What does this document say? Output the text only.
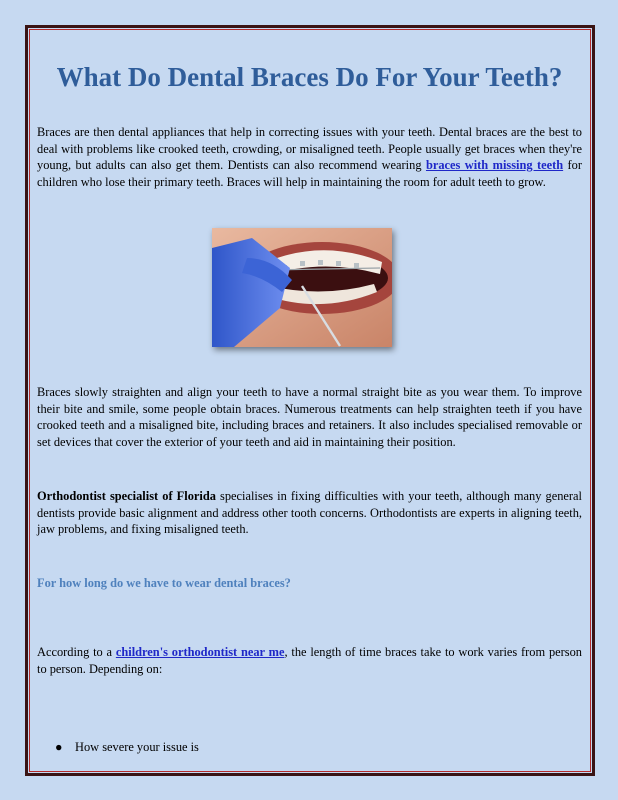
What Do Dental Braces Do For Your Teeth?

Braces are then dental appliances that help in correcting issues with your teeth. Dental braces are the best to deal with problems like crooked teeth, crowding, or misaligned teeth. People usually get braces when they're young, but adults can also get them. Dentists can also recommend wearing braces with missing teeth for children who lose their primary teeth. Braces will help in maintaining the room for adult teeth to grow.

Braces slowly straighten and align your teeth to have a normal straight bite as you wear them. To improve their bite and smile, some people obtain braces. Numerous treatments can help straighten teeth if you have crooked teeth and a misaligned bite, including braces and retainers. It also includes specialised removable or set devices that cover the exterior of your teeth and aid in maintaining their position.

Orthodontist specialist of Florida specialises in fixing difficulties with your teeth, although many general dentists provide basic alignment and address other tooth concerns. Orthodontists are experts in aligning teeth, jaw problems, and fixing misaligned teeth.

For how long do we have to wear dental braces?

According to a children's orthodontist near me, the length of time braces take to work varies from person to person. Depending on:

● How severe your issue is
